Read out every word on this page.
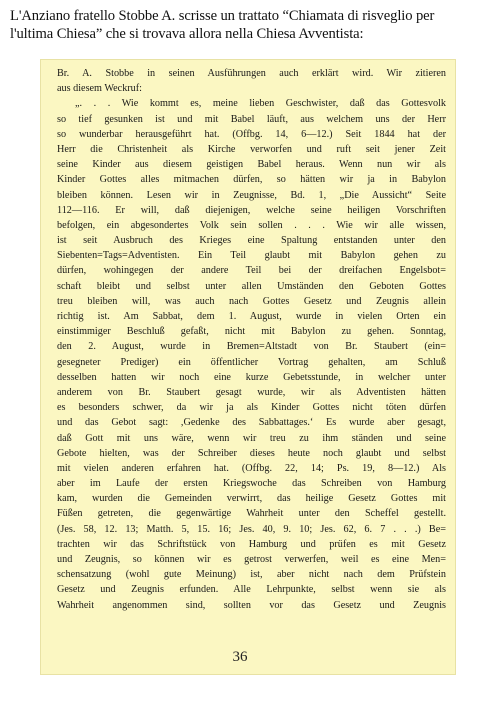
L'Anziano fratello Stobbe A. scrisse un trattato “Chiamata di risveglio per
l'ultima Chiesa” che si trovava allora nella Chiesa Avventista:
Br. A. Stobbe in seinen Ausführungen auch erklärt wird. Wir zitieren
aus diesem Weckruf:
„. . . Wie kommt es, meine lieben Geschwister, daß das Gottesvolk
so tief gesunken ist und mit Babel läuft, aus welchem uns der Herr
so wunderbar herausgeführt hat. (Offbg. 14, 6—12.) Seit 1844 hat der
Herr die Christenheit als Kirche verworfen und ruft seit jener Zeit
seine Kinder aus diesem geistigen Babel heraus. Wenn nun wir als
Kinder Gottes alles mitmachen dürfen, so hätten wir ja in Babylon
bleiben können. Lesen wir in Zeugnisse, Bd. 1, „Die Aussicht“ Seite
112—116. Er will, daß diejenigen, welche seine heiligen Vorschriften
befolgen, ein abgesondertes Volk sein sollen . . . Wie wir alle wissen,
ist seit Ausbruch des Krieges eine Spaltung entstanden unter den
Siebenten=Tags=Adventisten. Ein Teil glaubt mit Babylon gehen zu
dürfen, wohingegen der andere Teil bei der dreifachen Engelsbot=
schaft bleibt und selbst unter allen Umständen den Geboten Gottes
treu bleiben will, was auch nach Gottes Gesetz und Zeugnis allein
richtig ist. Am Sabbat, dem 1. August, wurde in vielen Orten ein
einstimmiger Beschluß gefaßt, nicht mit Babylon zu gehen. Sonntag,
den 2. August, wurde in Bremen=Altstadt von Br. Staubert (ein=
gesegneter Prediger) ein öffentlicher Vortrag gehalten, am Schluß
desselben hatten wir noch eine kurze Gebetsstunde, in welcher unter
anderem von Br. Staubert gesagt wurde, wir als Adventisten hätten
es besonders schwer, da wir ja als Kinder Gottes nicht töten dürfen
und das Gebot sagt: ,Gedenke des Sabbattages.‘ Es wurde aber gesagt,
daß Gott mit uns wäre, wenn wir treu zu ihm ständen und seine
Gebote hielten, was der Schreiber dieses heute noch glaubt und selbst
mit vielen anderen erfahren hat. (Offbg. 22, 14; Ps. 19, 8—12.) Als
aber im Laufe der ersten Kriegswoche das Schreiben von Hamburg
kam, wurden die Gemeinden verwirrt, das heilige Gesetz Gottes mit
Füßen getreten, die gegenwärtige Wahrheit unter den Scheffel gestellt.
(Jes. 58, 12. 13; Matth. 5, 15. 16; Jes. 40, 9. 10; Jes. 62, 6. 7 . . .) Be=
trachten wir das Schriftstück von Hamburg und prüfen es mit Gesetz
und Zeugnis, so können wir es getrost verwerfen, weil es eine Men=
schensatzung (wohl gute Meinung) ist, aber nicht nach dem Prüfstein
Gesetz und Zeugnis erfunden. Alle Lehrpunkte, selbst wenn sie als
Wahrheit angenommen sind, sollten vor das Gesetz und Zeugnis
36
